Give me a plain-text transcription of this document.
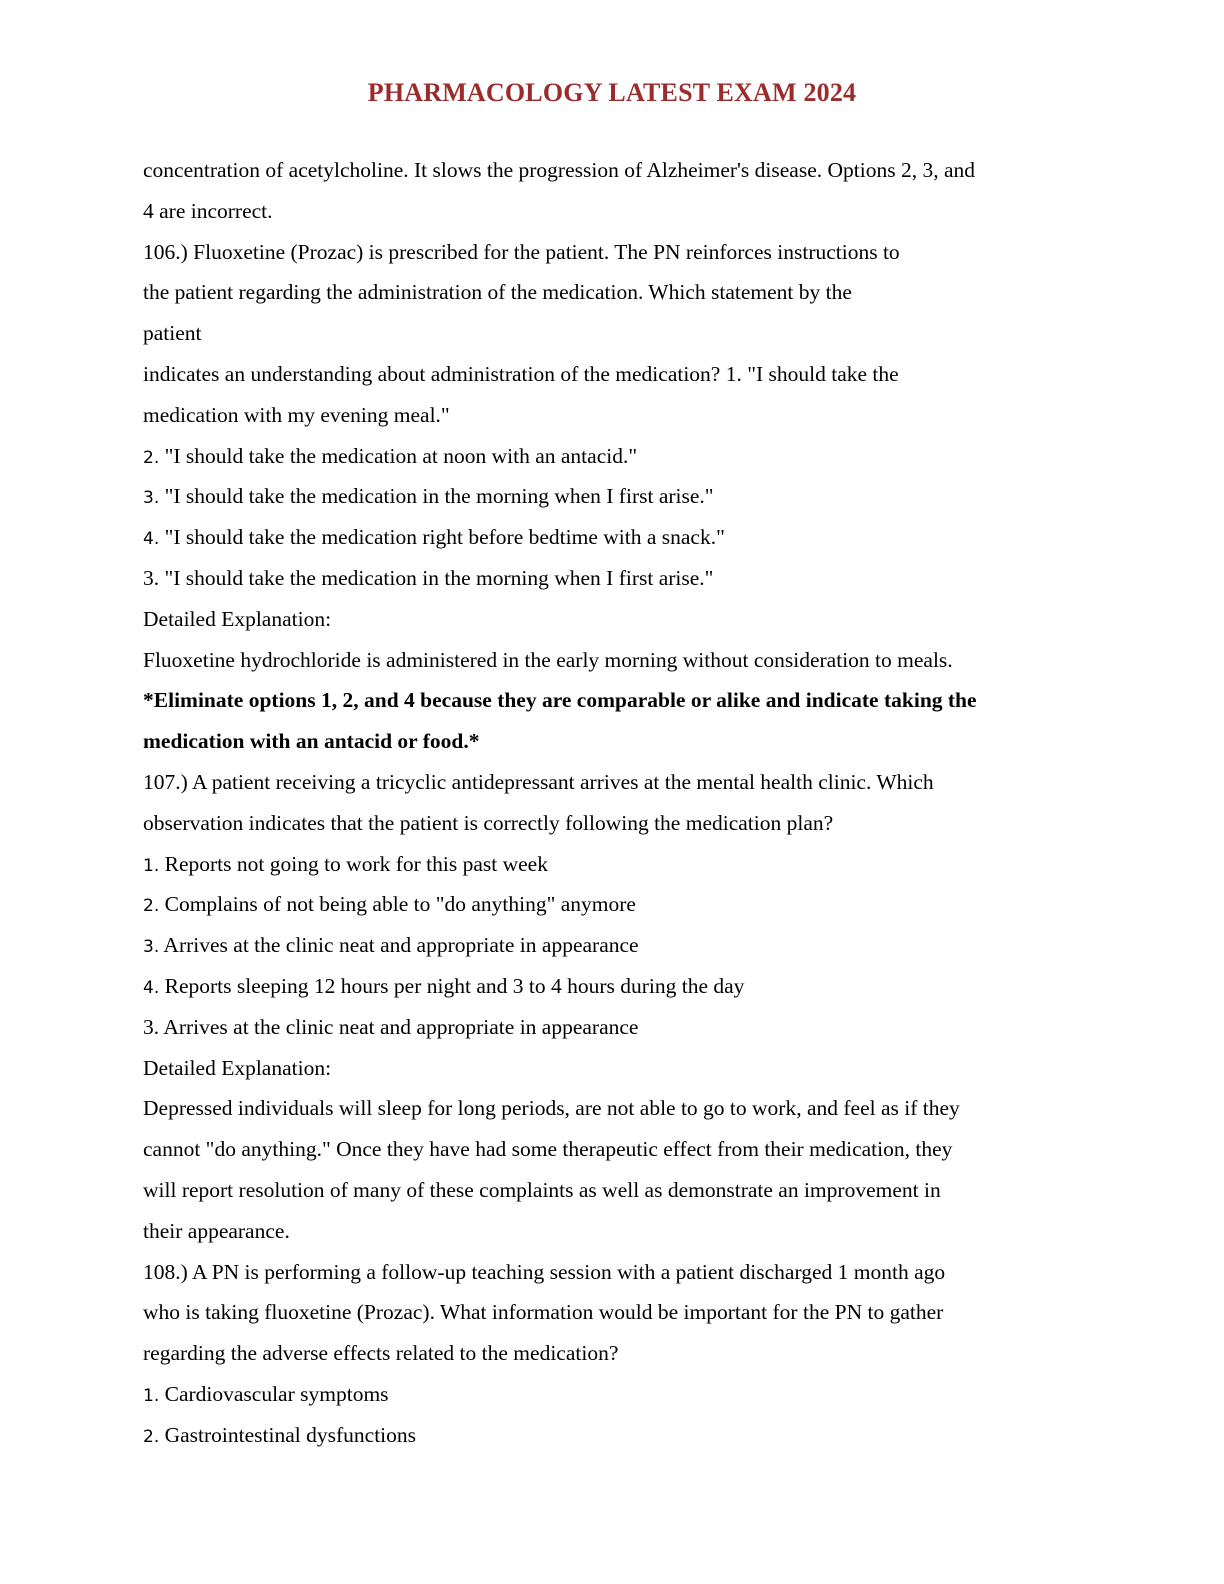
PHARMACOLOGY LATEST EXAM 2024
concentration of acetylcholine. It slows the progression of Alzheimer's disease. Options 2, 3, and
4 are incorrect.
106.) Fluoxetine (Prozac) is prescribed for the patient. The PN reinforces instructions to
the patient regarding the administration of the medication. Which statement by the
patient
indicates an understanding about administration of the medication? 1. "I should take the
medication with my evening meal."
2. "I should take the medication at noon with an antacid."
3. "I should take the medication in the morning when I first arise."
4. "I should take the medication right before bedtime with a snack."
3. "I should take the medication in the morning when I first arise."
Detailed Explanation:
Fluoxetine hydrochloride is administered in the early morning without consideration to meals.
*Eliminate options 1, 2, and 4 because they are comparable or alike and indicate taking the
medication with an antacid or food.*
107.) A patient receiving a tricyclic antidepressant arrives at the mental health clinic. Which
observation indicates that the patient is correctly following the medication plan?
1. Reports not going to work for this past week
2. Complains of not being able to "do anything" anymore
3. Arrives at the clinic neat and appropriate in appearance
4. Reports sleeping 12 hours per night and 3 to 4 hours during the day
3. Arrives at the clinic neat and appropriate in appearance
Detailed Explanation:
Depressed individuals will sleep for long periods, are not able to go to work, and feel as if they
cannot "do anything." Once they have had some therapeutic effect from their medication, they
will report resolution of many of these complaints as well as demonstrate an improvement in
their appearance.
108.) A PN is performing a follow-up teaching session with a patient discharged 1 month ago
who is taking fluoxetine (Prozac). What information would be important for the PN to gather
regarding the adverse effects related to the medication?
1. Cardiovascular symptoms
2. Gastrointestinal dysfunctions
